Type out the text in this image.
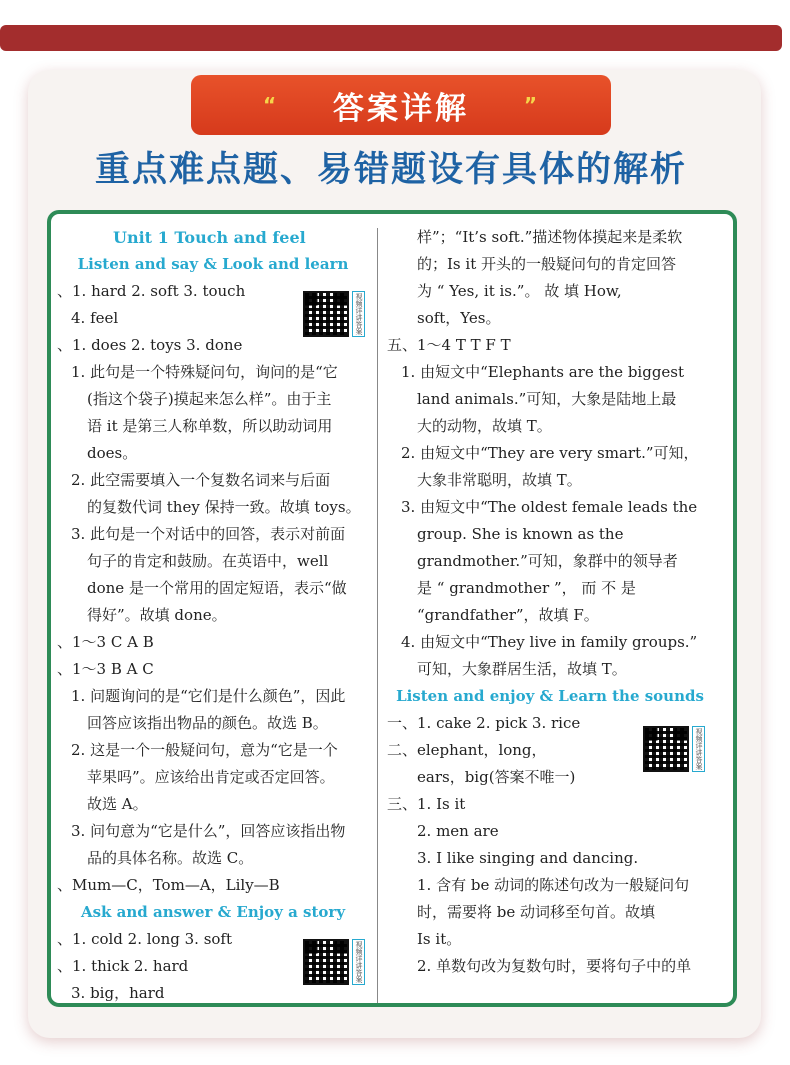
“ 答案详解	”
重点难点题、易错题设有具体的解析
Unit 1 Touch and feel
Listen and say & Look and learn
、1. hard 2. soft 3. touch
4. feel
、1. does 2. toys 3. done
1. 此句是一个特殊疑问句，询问的是“它
(指这个袋子)摸起来怎么样”。由于主
语 it 是第三人称单数，所以助动词用
does。
2. 此空需要填入一个复数名词来与后面
的复数代词 they 保持一致。故填 toys。
3. 此句是一个对话中的回答，表示对前面
句子的肯定和鼓励。在英语中，well
done 是一个常用的固定短语，表示“做
得好”。故填 done。
、1～3 C A B
、1～3 B A C
1. 问题询问的是“它们是什么颜色”，因此
回答应该指出物品的颜色。故选 B。
2. 这是一个一般疑问句，意为“它是一个
苹果吗”。应该给出肯定或否定回答。
故选 A。
3. 问句意为“它是什么”，回答应该指出物
品的具体名称。故选 C。
、Mum—C，Tom—A，Lily—B
Ask and answer & Enjoy a story
、1. cold 2. long 3. soft
、1. thick 2. hard
3. big，hard
样”；“It’s soft.”描述物体摸起来是柔软
的；Is it 开头的一般疑问句的肯定回答
为 “ Yes, it is.”。 故 填 How,
soft，Yes。
五、1～4 T T F T
1. 由短文中“Elephants are the biggest
land animals.”可知，大象是陆地上最
大的动物，故填 T。
2. 由短文中“They are very smart.”可知，
大象非常聪明，故填 T。
3. 由短文中“The oldest female leads the
group. She is known as the
grandmother.”可知，象群中的领导者
是 “ grandmother ”， 而 不 是
“grandfather”，故填 F。
4. 由短文中“They live in family groups.”
可知，大象群居生活，故填 T。
Listen and enjoy & Learn the sounds
一、1. cake 2. pick 3. rice
二、elephant，long，
ears，big(答案不唯一)
三、1. Is it
2. men are
3. I like singing and dancing.
1. 含有 be 动词的陈述句改为一般疑问句
时，需要将 be 动词移至句首。故填
Is it。
2. 单数句改为复数句时，要将句子中的单
视频详讲答案
视频详讲答案
视频详讲答案
